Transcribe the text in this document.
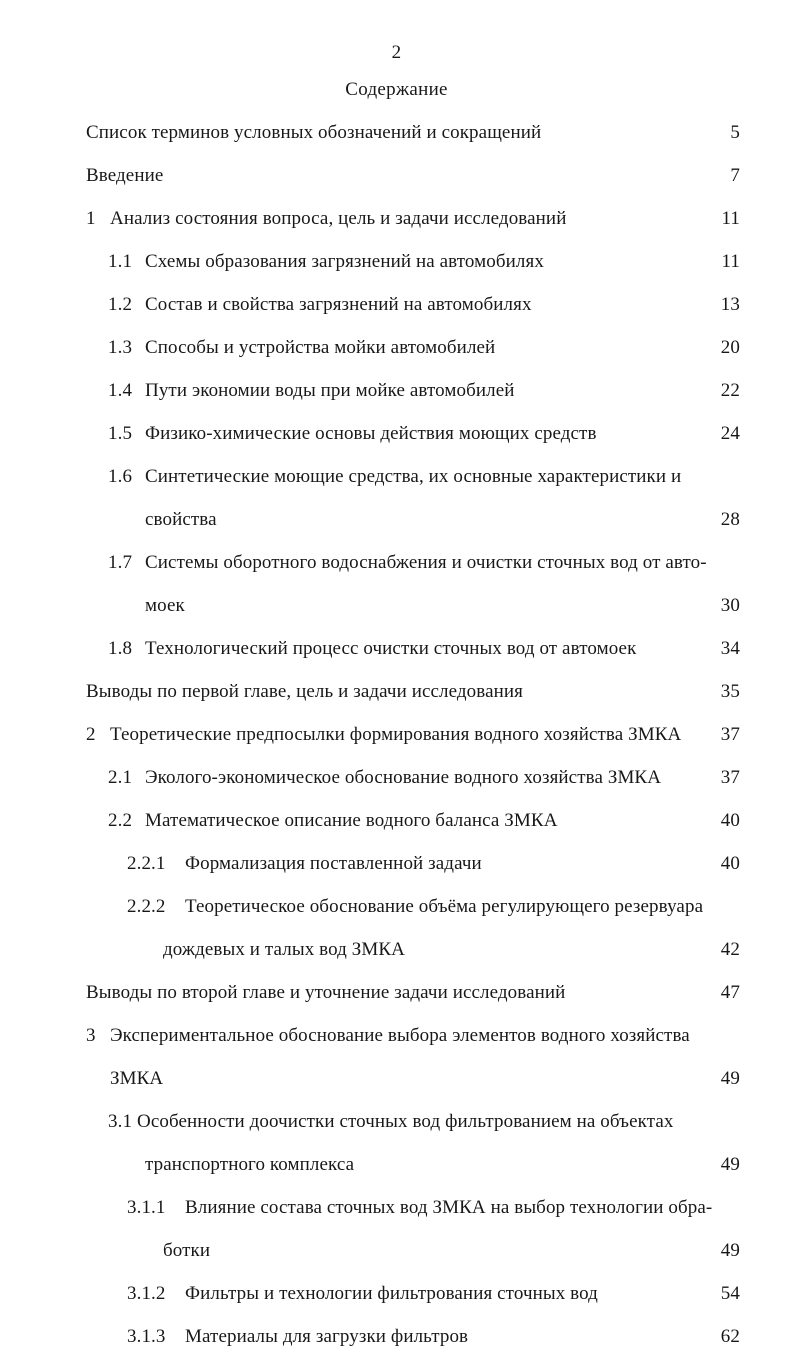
2
Содержание
Список терминов условных обозначений и сокращений	5
Введение	7
1 Анализ состояния вопроса, цель и задачи исследований	11
1.1 Схемы образования загрязнений на автомобилях	11
1.2 Состав и свойства загрязнений на автомобилях	13
1.3 Способы и устройства мойки автомобилей	20
1.4 Пути экономии воды при мойке автомобилей	22
1.5 Физико-химические основы действия моющих средств	24
1.6 Синтетические моющие средства, их основные характеристики и
свойства	28
1.7 Системы оборотного водоснабжения и очистки сточных вод от авто-
моек	30
1.8 Технологический процесс очистки сточных вод от автомоек	34
Выводы по первой главе, цель и задачи исследования	35
2 Теоретические предпосылки формирования водного хозяйства ЗМКА	37
2.1 Эколого-экономическое обоснование водного хозяйства ЗМКА	37
2.2 Математическое описание водного баланса ЗМКА	40
2.2.1 Формализация поставленной задачи	40
2.2.2 Теоретическое обоснование объёма регулирующего резервуара
дождевых и талых вод ЗМКА	42
Выводы по второй главе и уточнение задачи исследований	47
3 Экспериментальное обоснование выбора элементов водного хозяйства
ЗМКА	49
3.1 Особенности доочистки сточных вод фильтрованием на объектах
транспортного комплекса	49
3.1.1 Влияние состава сточных вод ЗМКА на выбор технологии обра-
ботки	49
3.1.2 Фильтры и технологии фильтрования сточных вод	54
3.1.3 Материалы для загрузки фильтров	62
